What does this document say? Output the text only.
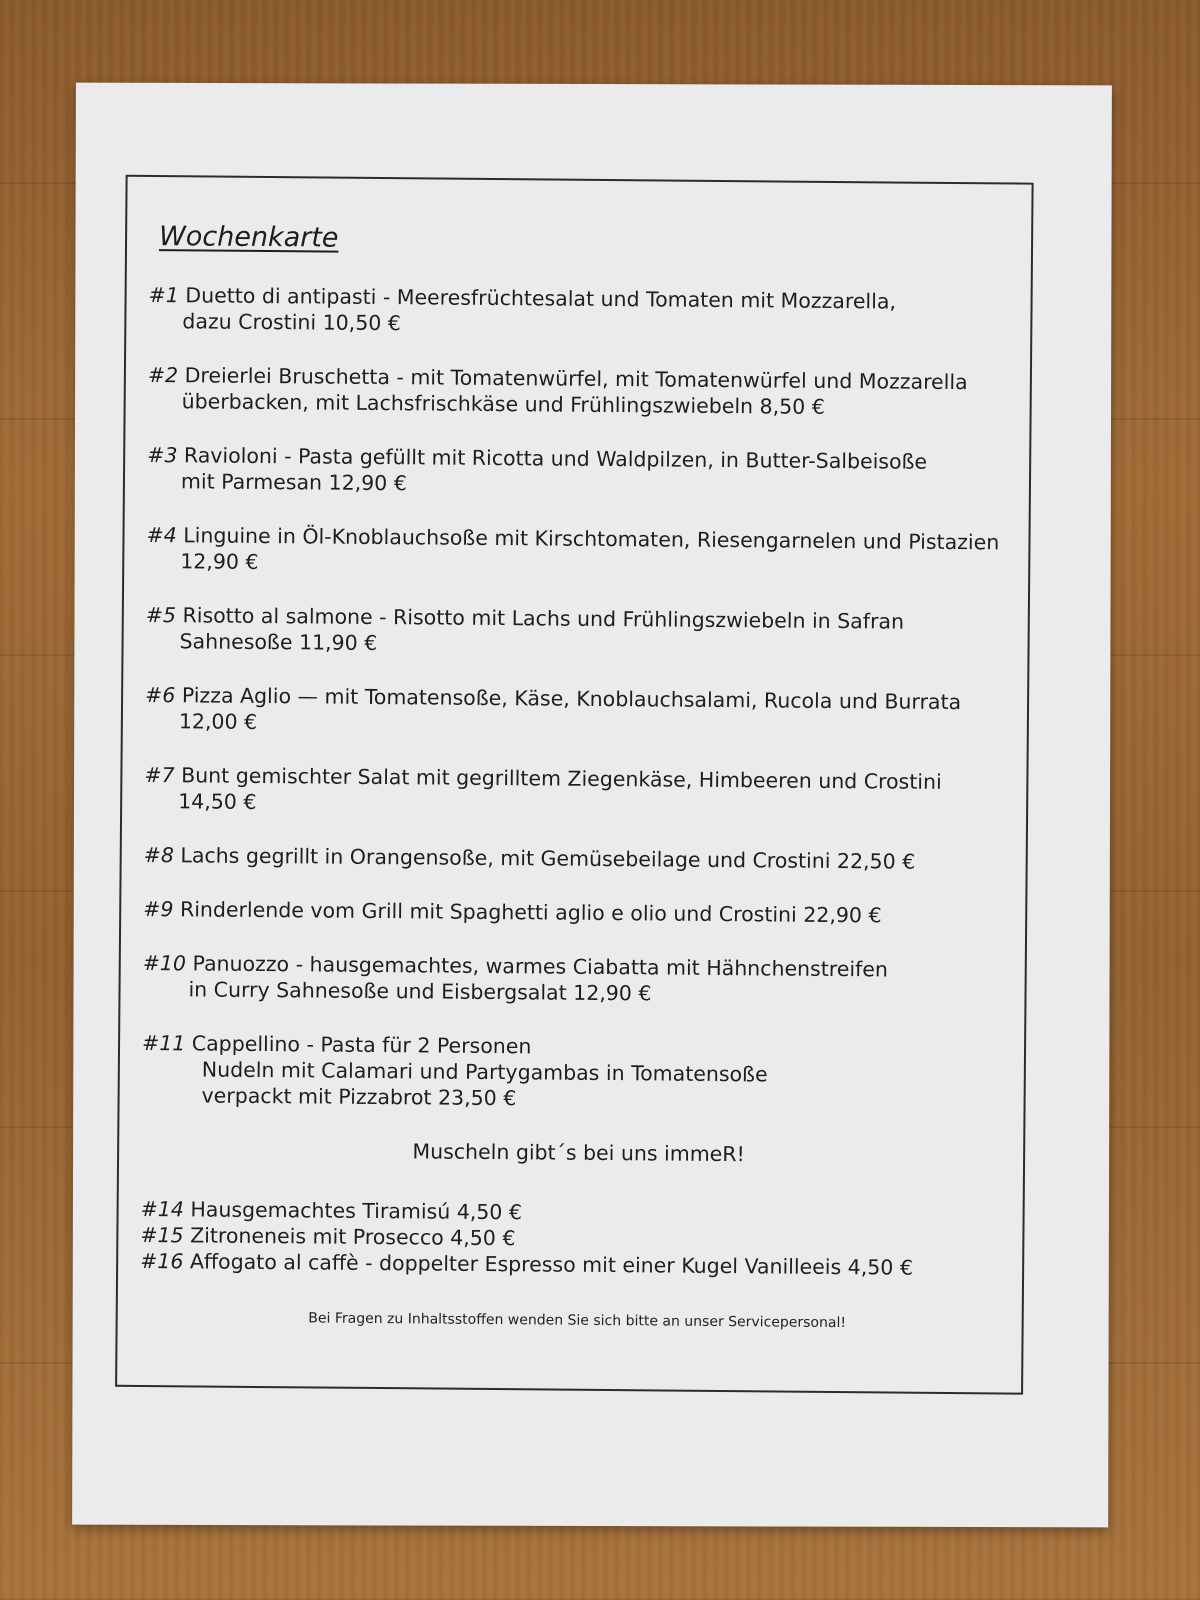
Wochenkarte
#1 Duetto di antipasti - Meeresfrüchtesalat und Tomaten mit Mozzarella,
dazu Crostini 10,50 €
#2 Dreierlei Bruschetta - mit Tomatenwürfel, mit Tomatenwürfel und Mozzarella
überbacken, mit Lachsfrischkäse und Frühlingszwiebeln 8,50 €
#3 Ravioloni - Pasta gefüllt mit Ricotta und Waldpilzen, in Butter-Salbeisoße
mit Parmesan 12,90 €
#4 Linguine in Öl-Knoblauchsoße mit Kirschtomaten, Riesengarnelen und Pistazien
12,90 €
#5 Risotto al salmone - Risotto mit Lachs und Frühlingszwiebeln in Safran
Sahnesoße 11,90 €
#6 Pizza Aglio — mit Tomatensoße, Käse, Knoblauchsalami, Rucola und Burrata
12,00 €
#7 Bunt gemischter Salat mit gegrilltem Ziegenkäse, Himbeeren und Crostini
14,50 €
#8 Lachs gegrillt in Orangensoße, mit Gemüsebeilage und Crostini 22,50 €
#9 Rinderlende vom Grill mit Spaghetti aglio e olio und Crostini 22,90 €
#10 Panuozzo - hausgemachtes, warmes Ciabatta mit Hähnchenstreifen
in Curry Sahnesoße und Eisbergsalat 12,90 €
#11 Cappellino - Pasta für 2 Personen
Nudeln mit Calamari und Partygambas in Tomatensoße
verpackt mit Pizzabrot 23,50 €
Muscheln gibt´s bei uns immeR!
#14 Hausgemachtes Tiramisú 4,50 €
#15 Zitroneneis mit Prosecco 4,50 €
#16 Affogato al caffè - doppelter Espresso mit einer Kugel Vanilleeis 4,50 €
Bei Fragen zu Inhaltsstoffen wenden Sie sich bitte an unser Servicepersonal!
